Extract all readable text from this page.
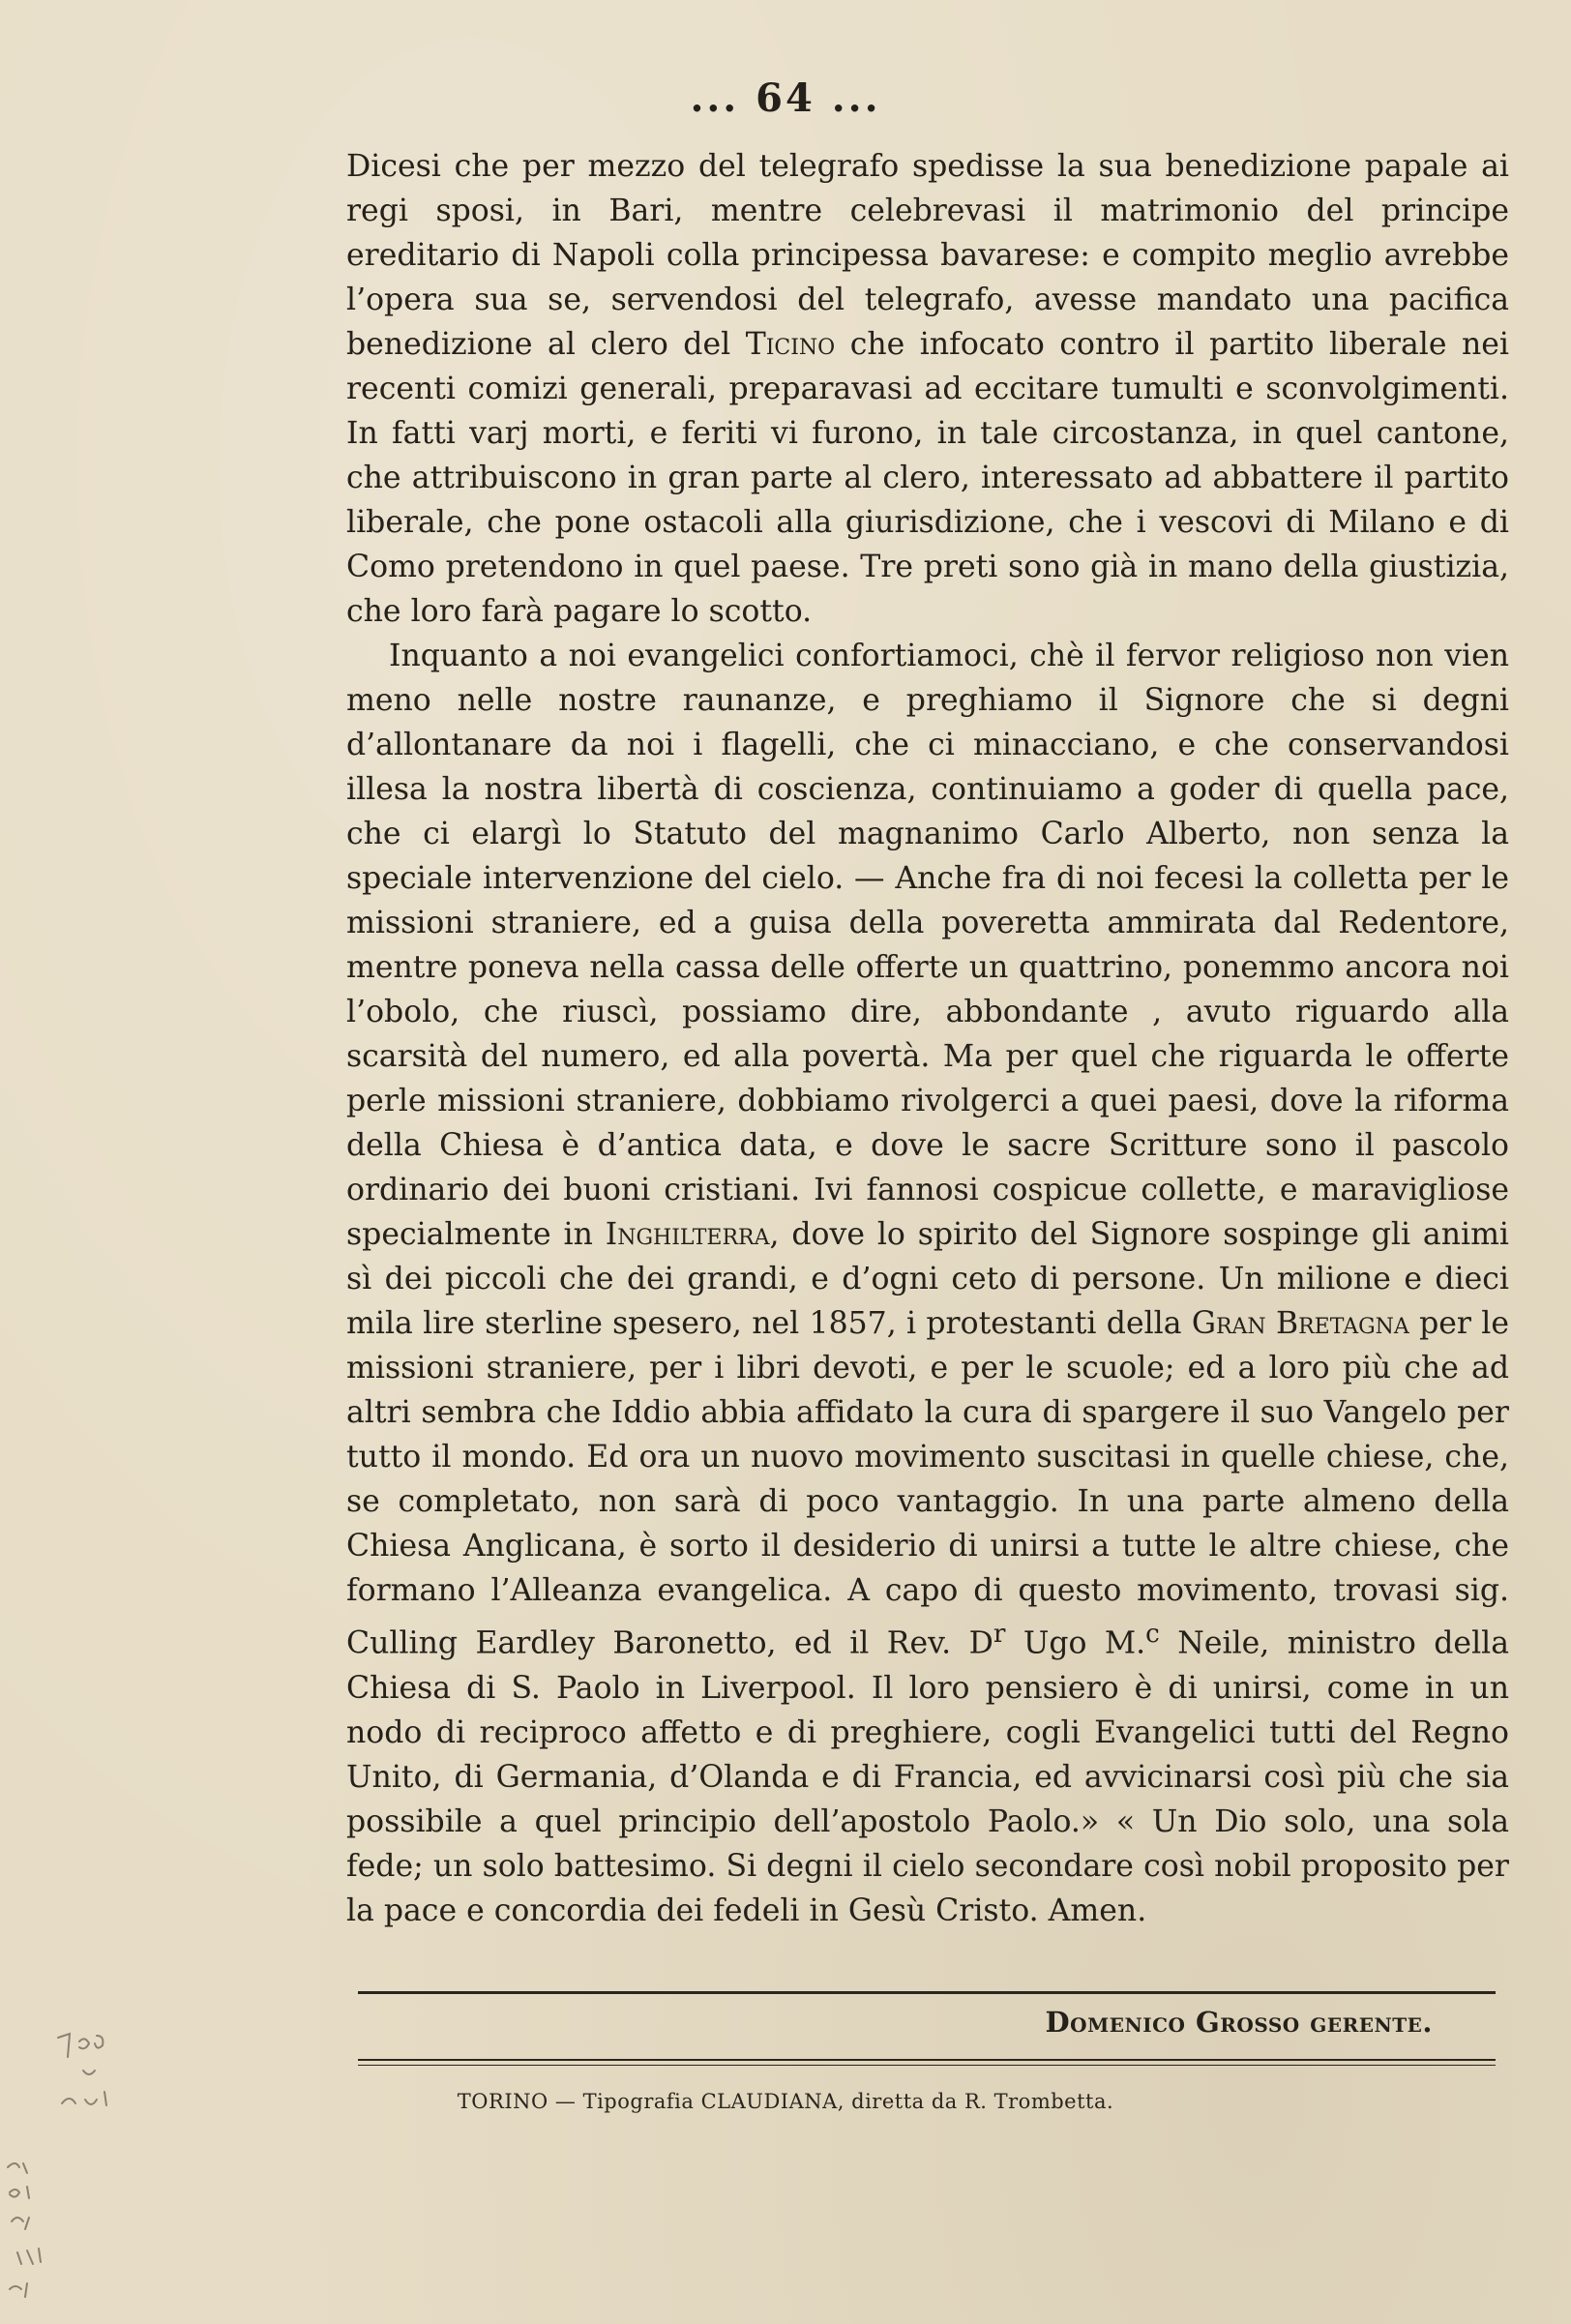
... 64 ...

Dicesi che per mezzo del telegrafo spedisse la sua benedizione papale ai regi sposi, in Bari, mentre celebrevasi il matrimonio del principe ereditario di Napoli colla principessa bavarese: e compito meglio avrebbe l’opera sua se, servendosi del telegrafo, avesse mandato una pacifica benedizione al clero del Ticino che infocato contro il partito liberale nei recenti comizi generali, preparavasi ad eccitare tumulti e sconvolgimenti. In fatti varj morti, e feriti vi furono, in tale circostanza, in quel cantone, che attribuiscono in gran parte al clero, interessato ad abbattere il partito liberale, che pone ostacoli alla giurisdizione, che i vescovi di Milano e di Como pretendono in quel paese. Tre preti sono già in mano della giustizia, che loro farà pagare lo scotto.

Inquanto a noi evangelici confortiamoci, chè il fervor religioso non vien meno nelle nostre raunanze, e preghiamo il Signore che si degni d’allontanare da noi i flagelli, che ci minacciano, e che conservandosi illesa la nostra libertà di coscienza, continuiamo a goder di quella pace, che ci elargì lo Statuto del magnanimo Carlo Alberto, non senza la speciale intervenzione del cielo. — Anche fra di noi fecesi la colletta per le missioni straniere, ed a guisa della poveretta ammirata dal Redentore, mentre poneva nella cassa delle offerte un quattrino, ponemmo ancora noi l’obolo, che riuscì, possiamo dire, abbondante , avuto riguardo alla scarsità del numero, ed alla povertà. Ma per quel che riguarda le offerte perle missioni straniere, dobbiamo rivolgerci a quei paesi, dove la riforma della Chiesa è d’antica data, e dove le sacre Scritture sono il pascolo ordinario dei buoni cristiani. Ivi fannosi cospicue collette, e maravigliose specialmente in Inghilterra, dove lo spirito del Signore sospinge gli animi sì dei piccoli che dei grandi, e d’ogni ceto di persone. Un milione e dieci mila lire sterline spesero, nel 1857, i protestanti della Gran Bretagna per le missioni straniere, per i libri devoti, e per le scuole; ed a loro più che ad altri sembra che Iddio abbia affidato la cura di spargere il suo Vangelo per tutto il mondo. Ed ora un nuovo movimento suscitasi in quelle chiese, che, se completato, non sarà di poco vantaggio. In una parte almeno della Chiesa Anglicana, è sorto il desiderio di unirsi a tutte le altre chiese, che formano l’Alleanza evangelica. A capo di questo movimento, trovasi sig. Culling Eardley Baronetto, ed il Rev. $D^r$ Ugo M.$^c$ Neile, ministro della Chiesa di S. Paolo in Liverpool. Il loro pensiero è di unirsi, come in un nodo di reciproco affetto e di preghiere, cogli Evangelici tutti del Regno Unito, di Germania, d’Olanda e di Francia, ed avvicinarsi così più che sia possibile a quel principio dell’apostolo Paolo.» « Un Dio solo, una sola fede; un solo battesimo. Si degni il cielo secondare così nobil proposito per la pace e concordia dei fedeli in Gesù Cristo. Amen.

Domenico Grosso gerente.
TORINO — Tipografia CLAUDIANA, diretta da R. Trombetta.
